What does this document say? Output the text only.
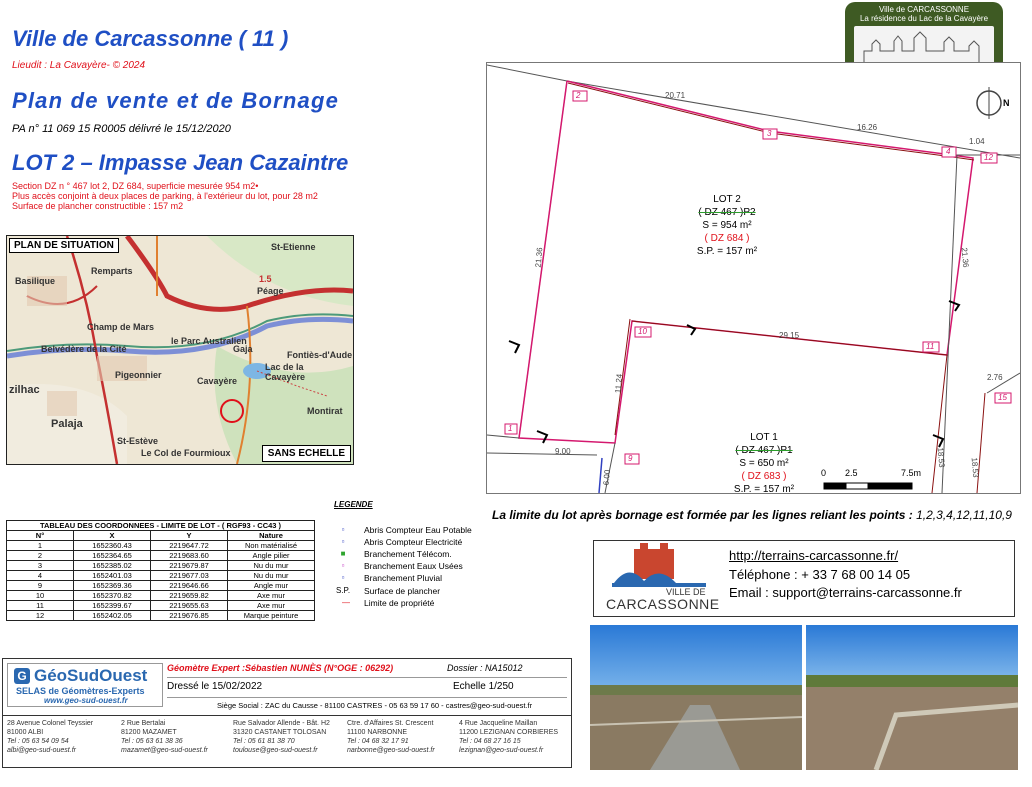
Ville de Carcassonne ( 11 )
Lieudit : La Cavayère- © 2024
Plan de vente et de Bornage
PA n° 11 069 15 R0005 délivré le 15/12/2020
LOT 2 – Impasse Jean Cazaintre
Section DZ n ° 467 lot 2, DZ 684, superficie mesurée 954 m2•
Plus accès conjoint à deux places de parking, à l'extérieur du lot, pour 28 m2
Surface de plancher constructible : 157 m2
Ville de CARCASSONNE
La résidence du Lac de la Cavayère
St-Etienne
Basilique
Remparts
Champ de Mars
le Parc Australien
Fontiès-d'Aude
Pigeonnier
Lac de la Cavayère
Montirat
Palaja
zilhac
St-Estève
Belvédère de la Cité
Péage
Le Col de Fourmioux
Cavayère
Gaja
1.5
PLAN DE SITUATION
SANS ECHELLE
N
2
3
4
12
10
11
1
9
15
20.71
16.26
1.04
21.36	21.36
29.15
11.24
9.00	18.53	18.53
2.76
6.00
LOT 2
( DZ 467 )P2
S = 954 m²
( DZ 684 )
S.P. = 157 m²
LOT 1
( DZ 467 )P1
S = 650 m²
( DZ 683 )
S.P. = 157 m²
0 2.5	7.5m
La limite du lot après bornage est formée par les lignes reliant les points : 1,2,3,4,12,11,10,9
VILLE DE
CARCASSONNE
http://terrains-carcassonne.fr/
Téléphone : + 33 7 68 00 14 05
Email : support@terrains-carcassonne.fr
LEGENDE
▫	Abris Compteur Eau Potable
▫	Abris Compteur Electricité
■	Branchement Télécom.
▫	Branchement Eaux Usées
▫	Branchement Pluvial
S.P. Surface de plancher
—	Limite de propriété
TABLEAU DES COORDONNEES - LIMITE DE LOT - ( RGF93 - CC43 )			
N°	X	Y	Nature
1	1652360.43	2219647.72	Non matérialisé
2	1652364.65	2219683.60	Angle pilier
3	1652385.02	2219679.87	Nu du mur
4	1652401.03	2219677.03	Nu du mur
9	1652369.36	2219646.66	Angle mur
10	1652370.82	2219659.82	Axe mur
11	1652399.67	2219655.63	Axe mur
12	1652402.05	2219676.85	Marque peinture
G GéoSudOuest
SELAS de Géomètres-Experts
www.geo-sud-ouest.fr
Géomètre Expert :Sébastien NUNÈS (N°OGE : 06292)	Dossier : NA15012
Dressé le 15/02/2022	Echelle 1/250
Siège Social : ZAC du Causse - 81100 CASTRES - 05 63 59 17 60 - castres@geo-sud-ouest.fr
28 Avenue Colonel Teyssier
81000 ALBI
Tel : 05 63 54 09 54
albi@geo-sud-ouest.fr
2 Rue Bertalai
81200 MAZAMET
Tel : 05 63 61 38 36
mazamet@geo-sud-ouest.fr
Rue Salvador Allende - Bât. H2
31320 CASTANET TOLOSAN
Tel : 05 61 81 38 70
toulouse@geo-sud-ouest.fr
Ctre. d'Affaires St. Crescent
11100 NARBONNE
Tel : 04 68 32 17 91
narbonne@geo-sud-ouest.fr
4 Rue Jacqueline Maillan
11200 LEZIGNAN CORBIERES
Tel : 04 68 27 16 15
lezignan@geo-sud-ouest.fr
